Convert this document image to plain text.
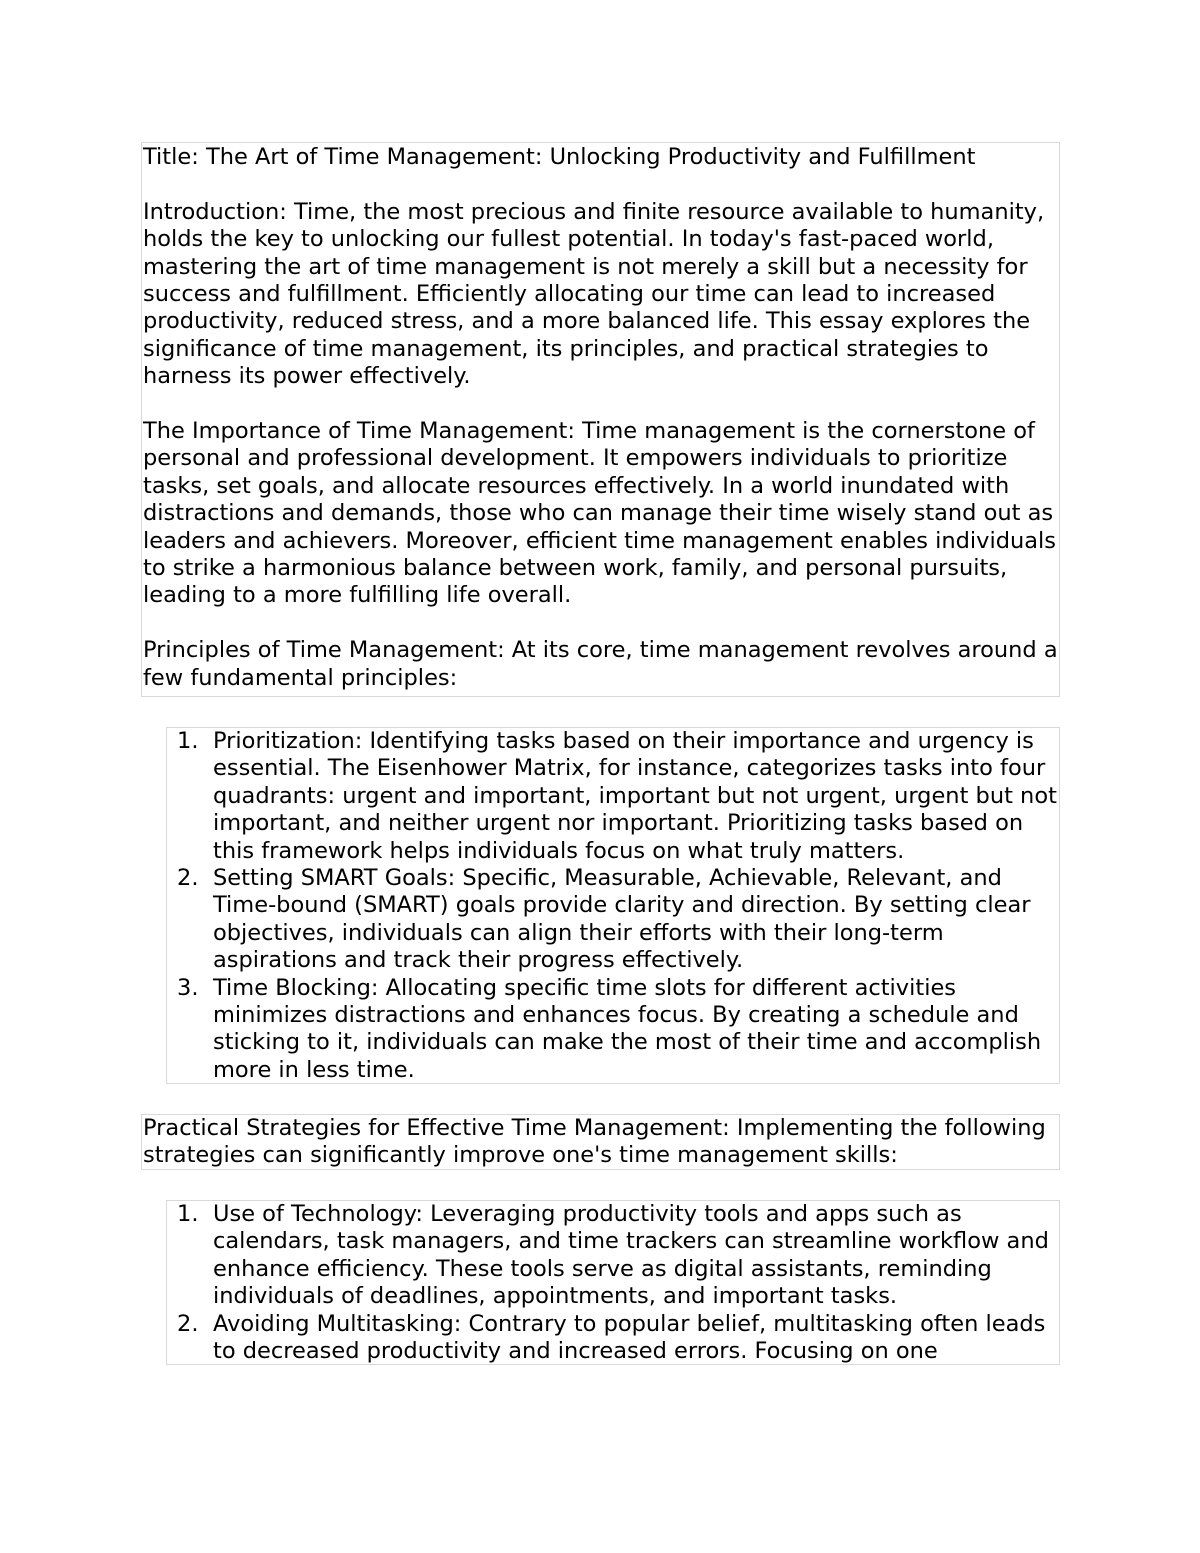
Title: The Art of Time Management: Unlocking Productivity and Fulfillment

Introduction: Time, the most precious and finite resource available to humanity, holds the key to unlocking our fullest potential. In today's fast-paced world, mastering the art of time management is not merely a skill but a necessity for success and fulfillment. Efficiently allocating our time can lead to increased productivity, reduced stress, and a more balanced life. This essay explores the significance of time management, its principles, and practical strategies to harness its power effectively.

The Importance of Time Management: Time management is the cornerstone of personal and professional development. It empowers individuals to prioritize tasks, set goals, and allocate resources effectively. In a world inundated with distractions and demands, those who can manage their time wisely stand out as leaders and achievers. Moreover, efficient time management enables individuals to strike a harmonious balance between work, family, and personal pursuits, leading to a more fulfilling life overall.

Principles of Time Management: At its core, time management revolves around a few fundamental principles:

1. Prioritization: Identifying tasks based on their importance and urgency is essential. The Eisenhower Matrix, for instance, categorizes tasks into four quadrants: urgent and important, important but not urgent, urgent but not important, and neither urgent nor important. Prioritizing tasks based on this framework helps individuals focus on what truly matters.
2. Setting SMART Goals: Specific, Measurable, Achievable, Relevant, and Time-bound (SMART) goals provide clarity and direction. By setting clear objectives, individuals can align their efforts with their long-term aspirations and track their progress effectively.
3. Time Blocking: Allocating specific time slots for different activities minimizes distractions and enhances focus. By creating a schedule and sticking to it, individuals can make the most of their time and accomplish more in less time.

Practical Strategies for Effective Time Management: Implementing the following strategies can significantly improve one's time management skills:

1. Use of Technology: Leveraging productivity tools and apps such as calendars, task managers, and time trackers can streamline workflow and enhance efficiency. These tools serve as digital assistants, reminding individuals of deadlines, appointments, and important tasks.
2. Avoiding Multitasking: Contrary to popular belief, multitasking often leads to decreased productivity and increased errors. Focusing on one
